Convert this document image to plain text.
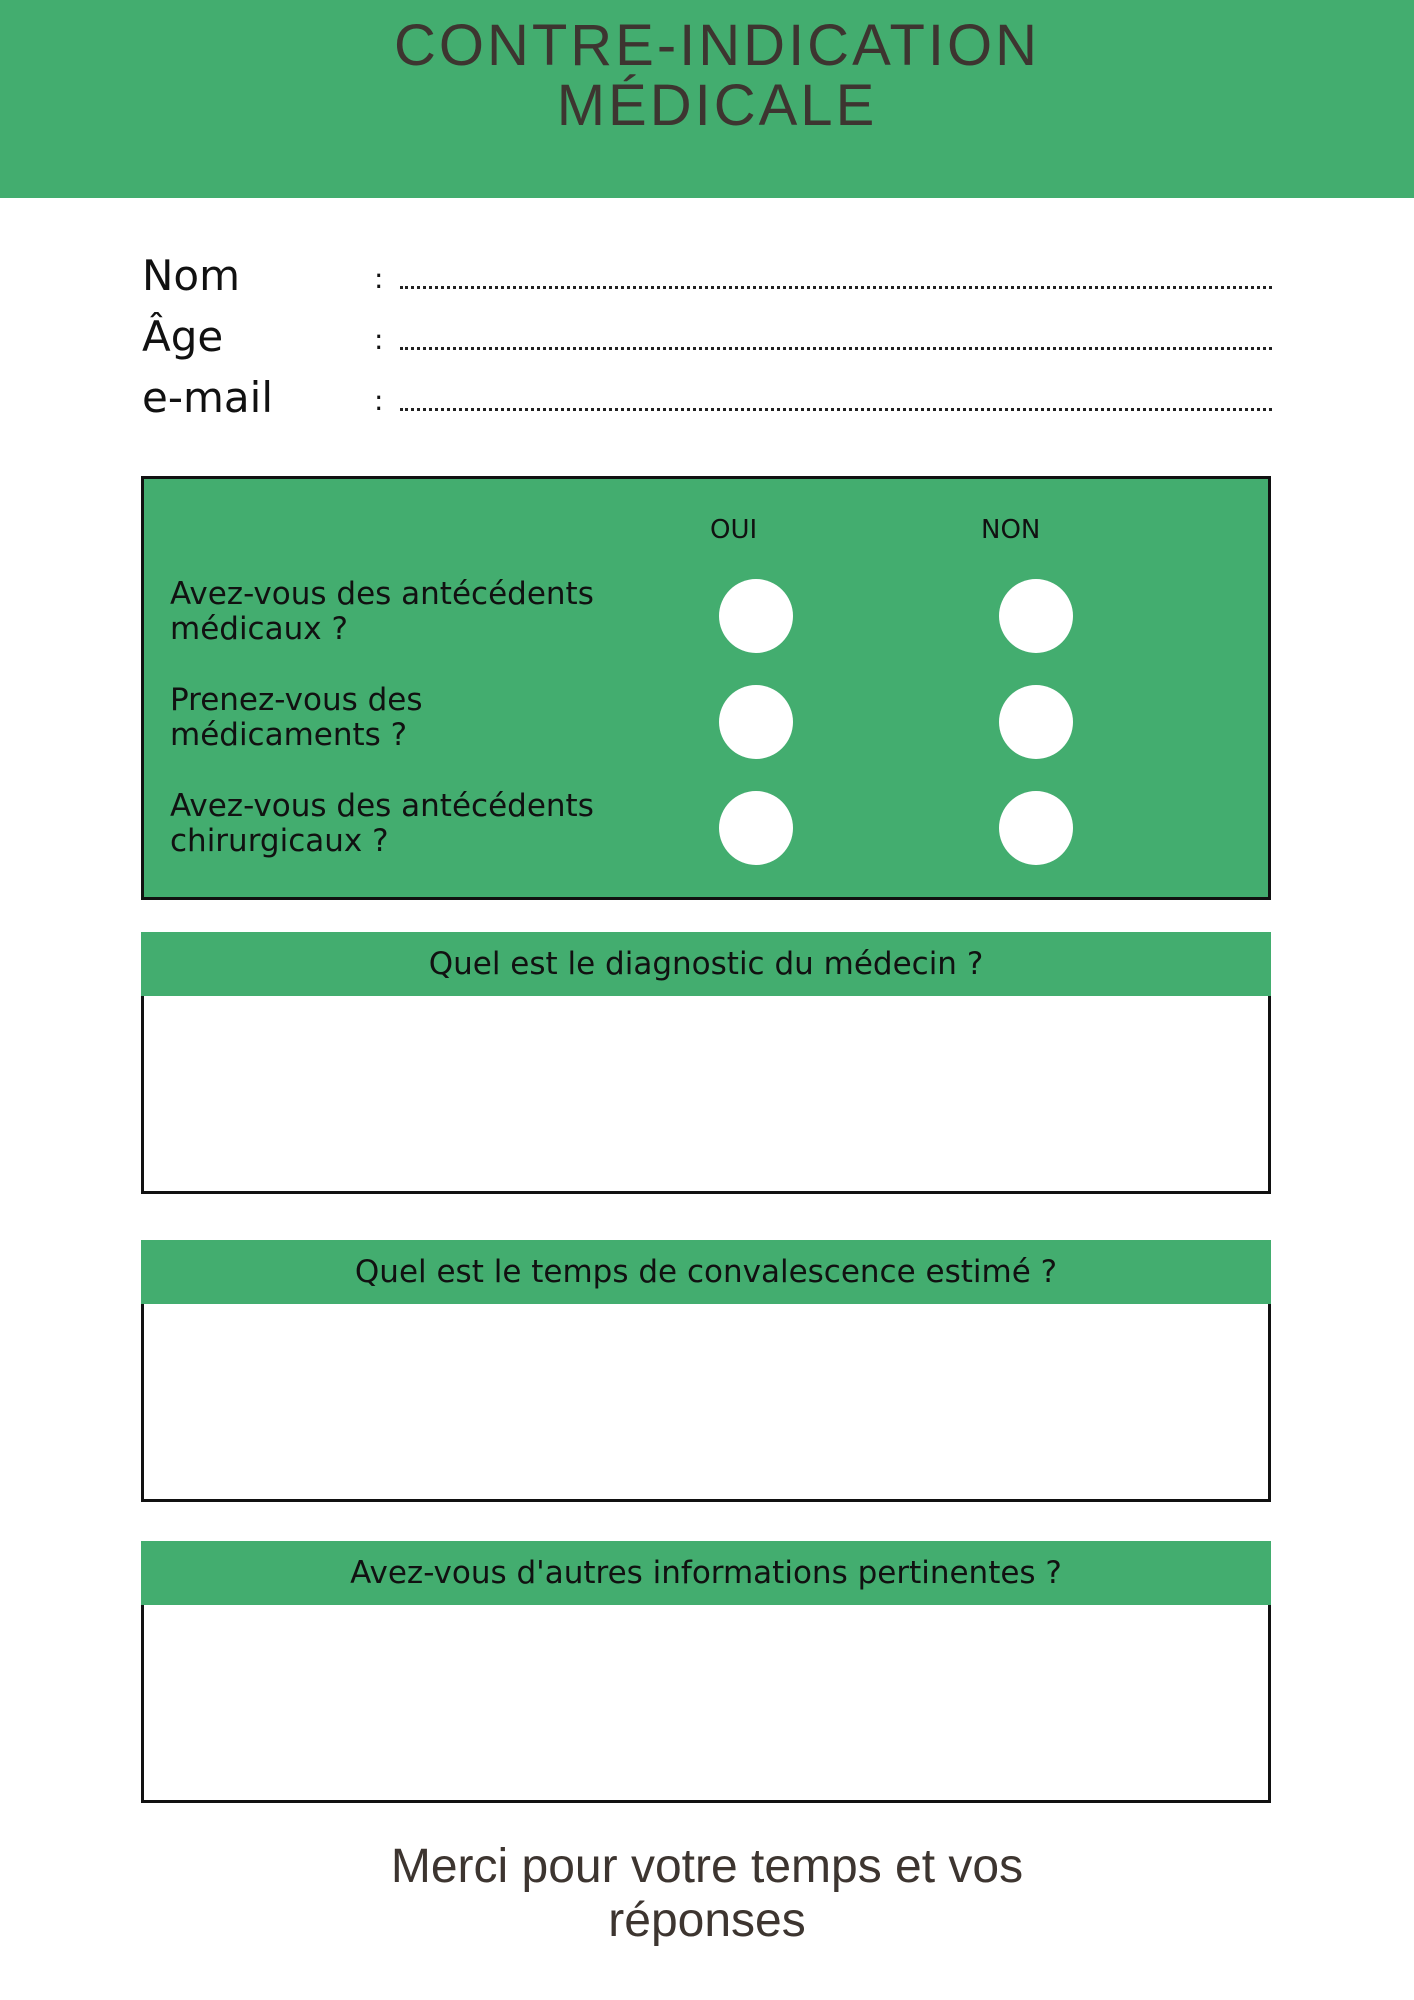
CONTRE-INDICATION
MÉDICALE
Nom	:
Âge	:
e-mail	:
OUI	NON
Avez-vous des antécédents
médicaux ?
Prenez-vous des
médicaments ?
Avez-vous des antécédents
chirurgicaux ?
Quel est le diagnostic du médecin ?
Quel est le temps de convalescence estimé ?
Avez-vous d'autres informations pertinentes ?
Merci pour votre temps et vos
réponses
